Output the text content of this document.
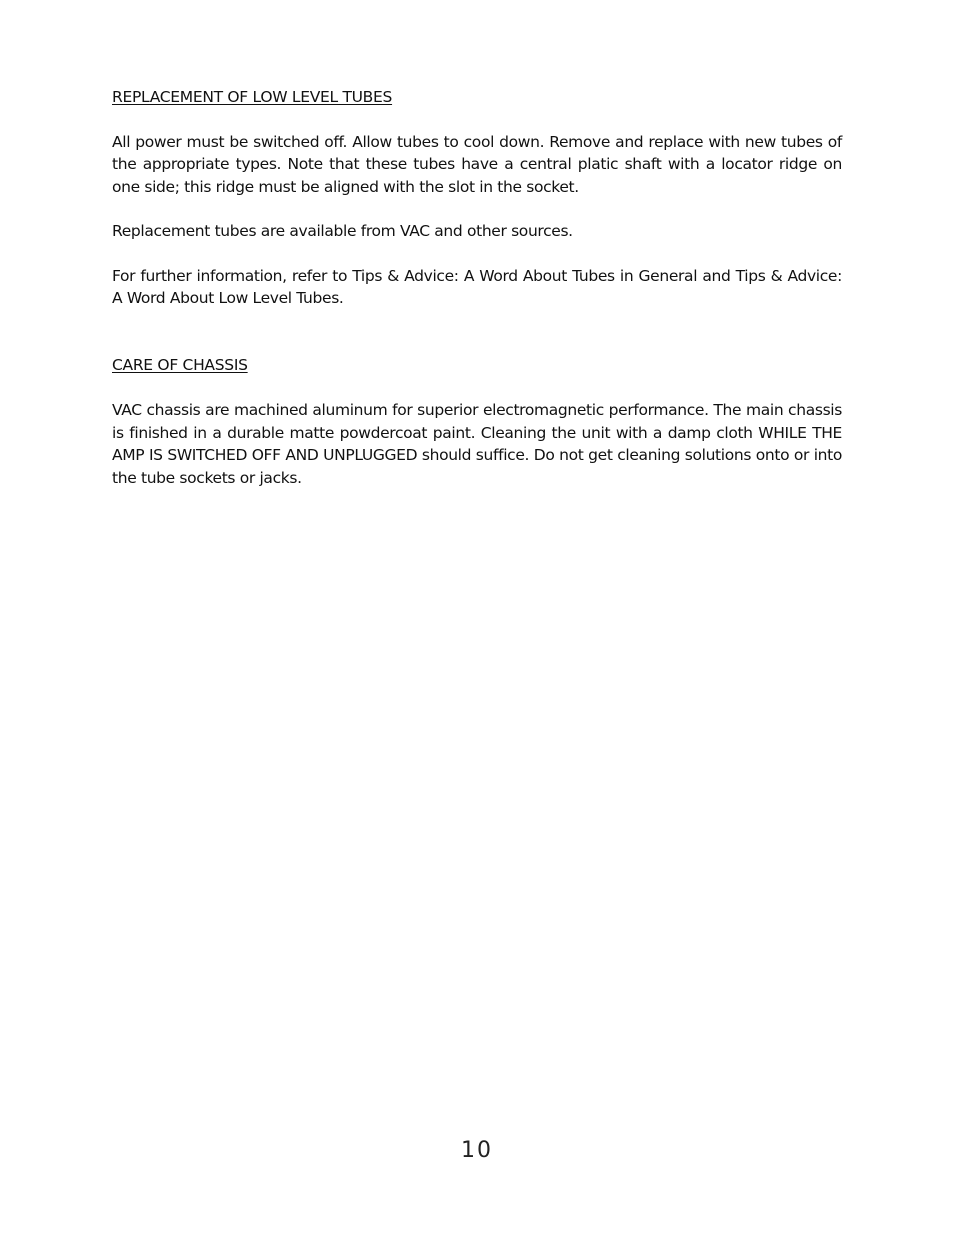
REPLACEMENT OF LOW LEVEL TUBES

All power must be switched off. Allow tubes to cool down. Remove and replace with new tubes of the appropriate types. Note that these tubes have a central platic shaft with a locator ridge on one side; this ridge must be aligned with the slot in the socket.

Replacement tubes are available from VAC and other sources.

For further information, refer to Tips & Advice: A Word About Tubes in General and Tips & Advice: A Word About Low Level Tubes.

CARE OF CHASSIS

VAC chassis are machined aluminum for superior electromagnetic performance. The main chassis is finished in a durable matte powdercoat paint. Cleaning the unit with a damp cloth WHILE THE AMP IS SWITCHED OFF AND UNPLUGGED should suffice. Do not get cleaning solutions onto or into the tube sockets or jacks.

10
